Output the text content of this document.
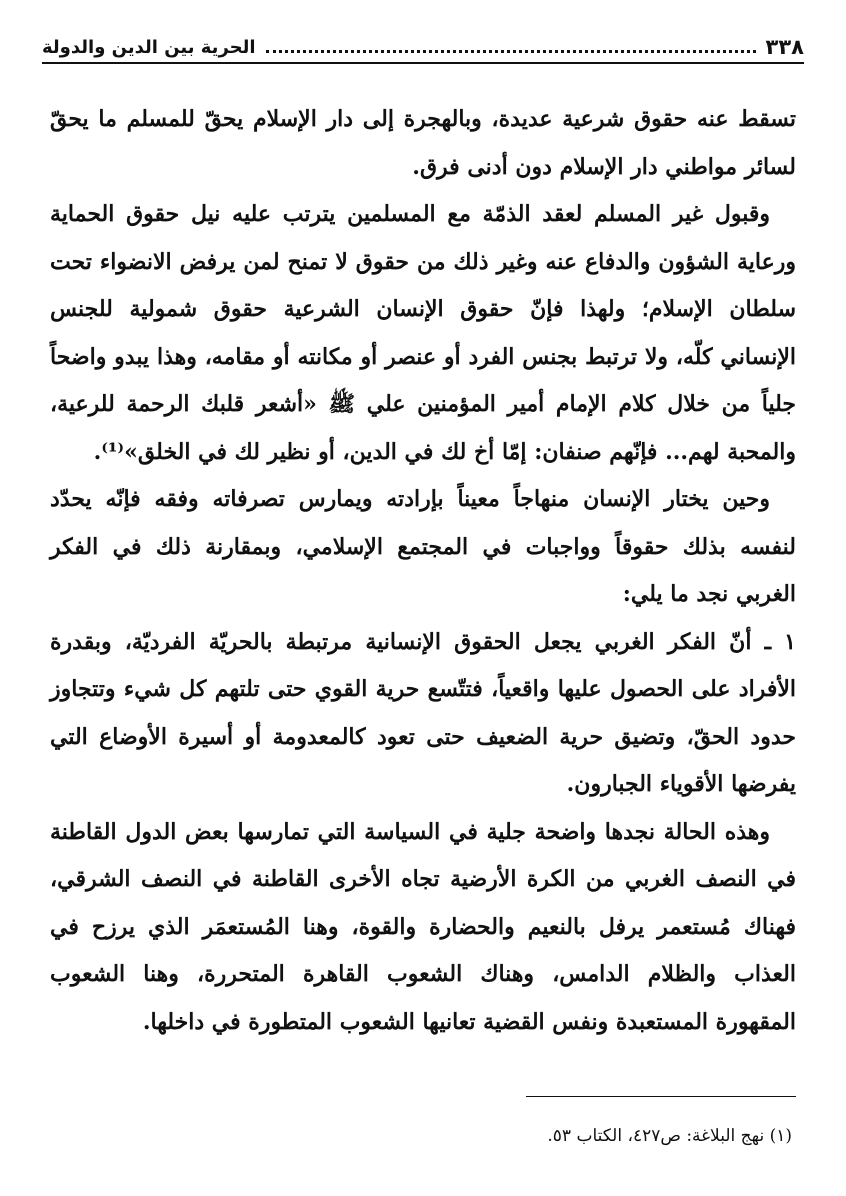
٣٣٨
الحرية بين الدين والدولة

تسقط عنه حقوق شرعية عديدة، وبالهجرة إلى دار الإسلام يحقّ للمسلم ما يحقّ لسائر مواطني دار الإسلام دون أدنى فرق.

وقبول غير المسلم لعقد الذمّة مع المسلمين يترتب عليه نيل حقوق الحماية ورعاية الشؤون والدفاع عنه وغير ذلك من حقوق لا تمنح لمن يرفض الانضواء تحت سلطان الإسلام؛ ولهذا فإنّ حقوق الإنسان الشرعية حقوق شمولية للجنس الإنساني كلّه، ولا ترتبط بجنس الفرد أو عنصر أو مكانته أو مقامه، وهذا يبدو واضحاً جلياً من خلال كلام الإمام أمير المؤمنين علي ﷺ «أشعر قلبك الرحمة للرعية، والمحبة لهم... فإنّهم صنفان: إمّا أخ لك في الدين، أو نظير لك في الخلق»⁽¹⁾.

وحين يختار الإنسان منهاجاً معيناً بإرادته ويمارس تصرفاته وفقه فإنّه يحدّد لنفسه بذلك حقوقاً وواجبات في المجتمع الإسلامي، وبمقارنة ذلك في الفكر الغربي نجد ما يلي:

١ ـ أنّ الفكر الغربي يجعل الحقوق الإنسانية مرتبطة بالحريّة الفرديّة، وبقدرة الأفراد على الحصول عليها واقعياً، فتتّسع حرية القوي حتى تلتهم كل شيء وتتجاوز حدود الحقّ، وتضيق حرية الضعيف حتى تعود كالمعدومة أو أسيرة الأوضاع التي يفرضها الأقوياء الجبارون.

وهذه الحالة نجدها واضحة جلية في السياسة التي تمارسها بعض الدول القاطنة في النصف الغربي من الكرة الأرضية تجاه الأخرى القاطنة في النصف الشرقي، فهناك مُستعمر يرفل بالنعيم والحضارة والقوة، وهنا المُستعمَر الذي يرزح في العذاب والظلام الدامس، وهناك الشعوب القاهرة المتحررة، وهنا الشعوب المقهورة المستعبدة ونفس القضية تعانيها الشعوب المتطورة في داخلها.

(١) نهج البلاغة: ص٤٢٧، الكتاب ٥٣.
